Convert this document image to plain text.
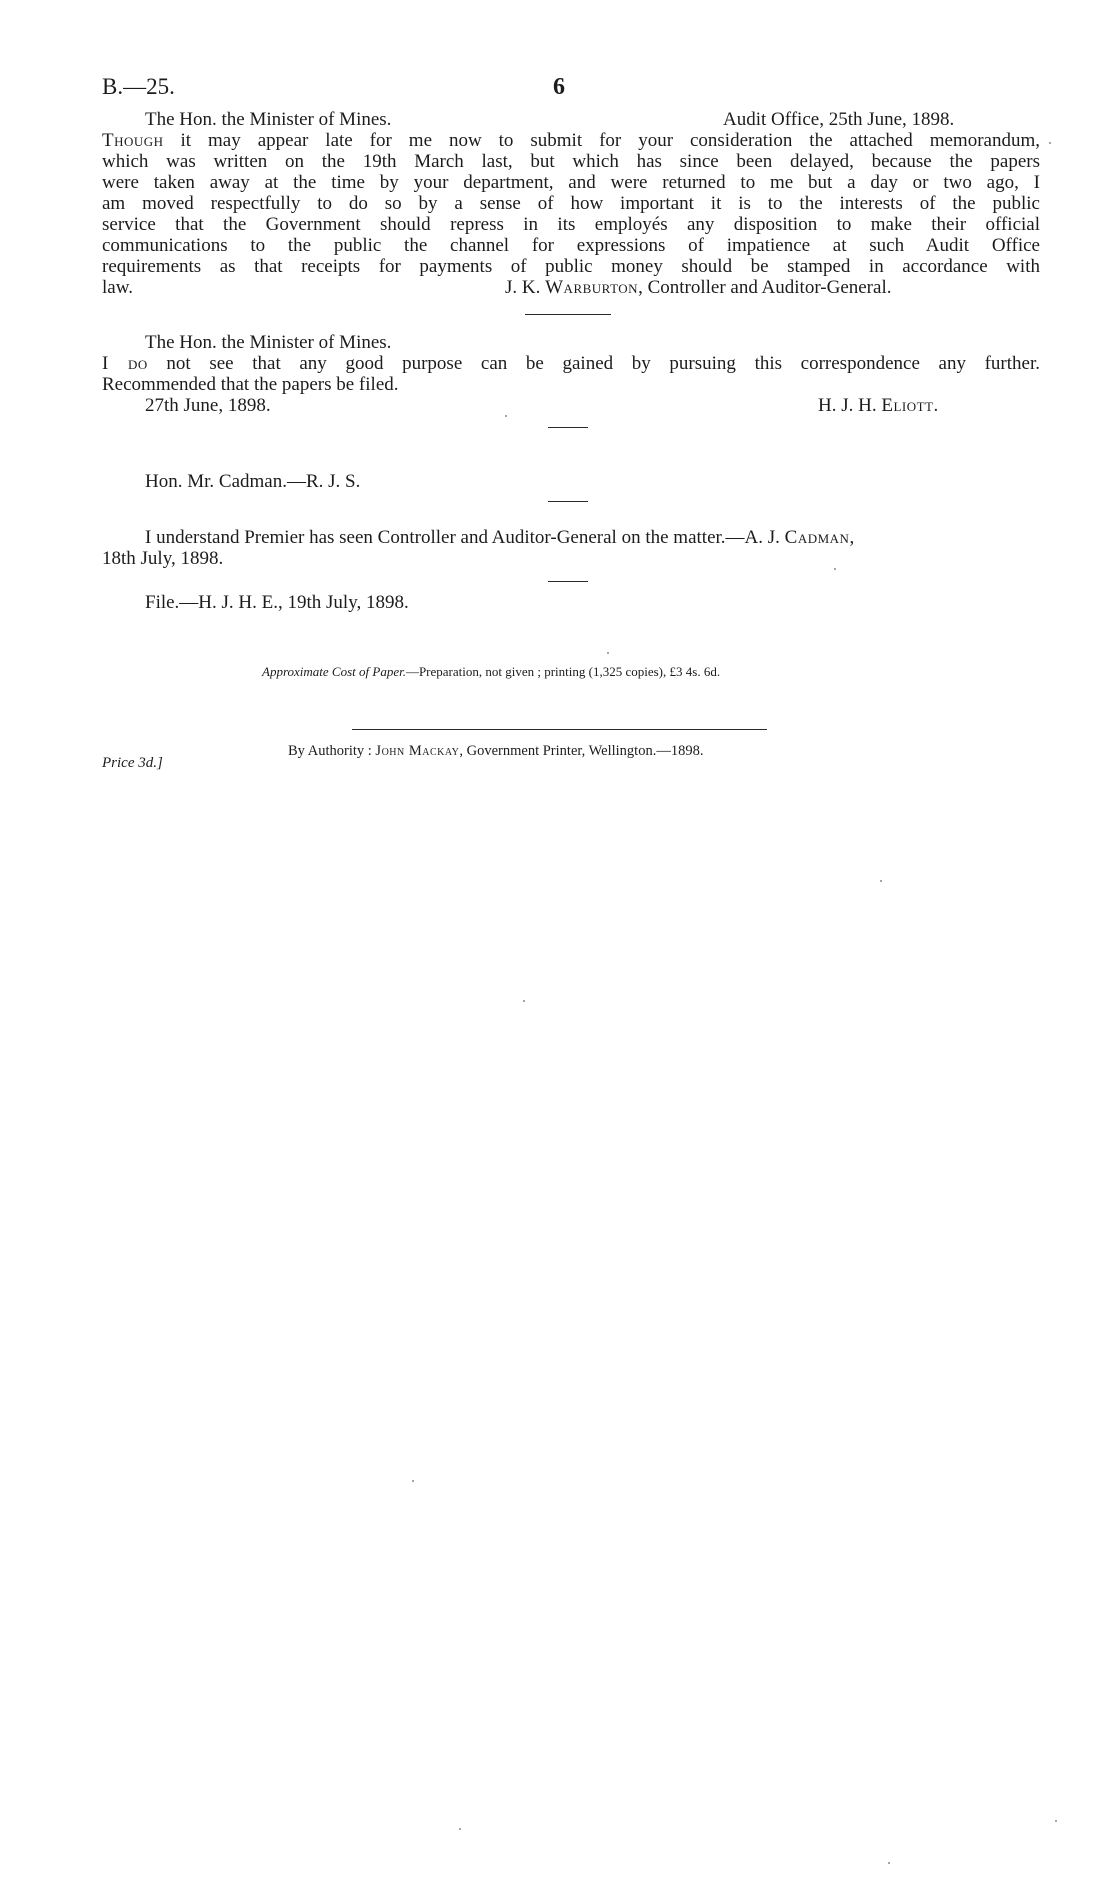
B.—25.	6
The Hon. the Minister of Mines.	Audit Office, 25th June, 1898.
Though it may appear late for me now to submit for your consideration the attached memorandum,
which was written on the 19th March last, but which has since been delayed, because the papers
were taken away at the time by your department, and were returned to me but a day or two ago, I
am moved respectfully to do so by a sense of how important it is to the interests of the public
service that the Government should repress in its employés any disposition to make their official
communications to the public the channel for expressions of impatience at such Audit Office
requirements as that receipts for payments of public money should be stamped in accordance with
law.	J. K. Warburton, Controller and Auditor-General.
The Hon. the Minister of Mines.
I do not see that any good purpose can be gained by pursuing this correspondence any further.
Recommended that the papers be filed.
27th June, 1898.	H. J. H. Eliott.
Hon. Mr. Cadman.—R. J. S.
I understand Premier has seen Controller and Auditor-General on the matter.—A. J. Cadman,
18th July, 1898.
File.—H. J. H. E., 19th July, 1898.
Approximate Cost of Paper.—Preparation, not given ; printing (1,325 copies), £3 4s. 6d.
By Authority : John Mackay, Government Printer, Wellington.—1898.
Price 3d.]
